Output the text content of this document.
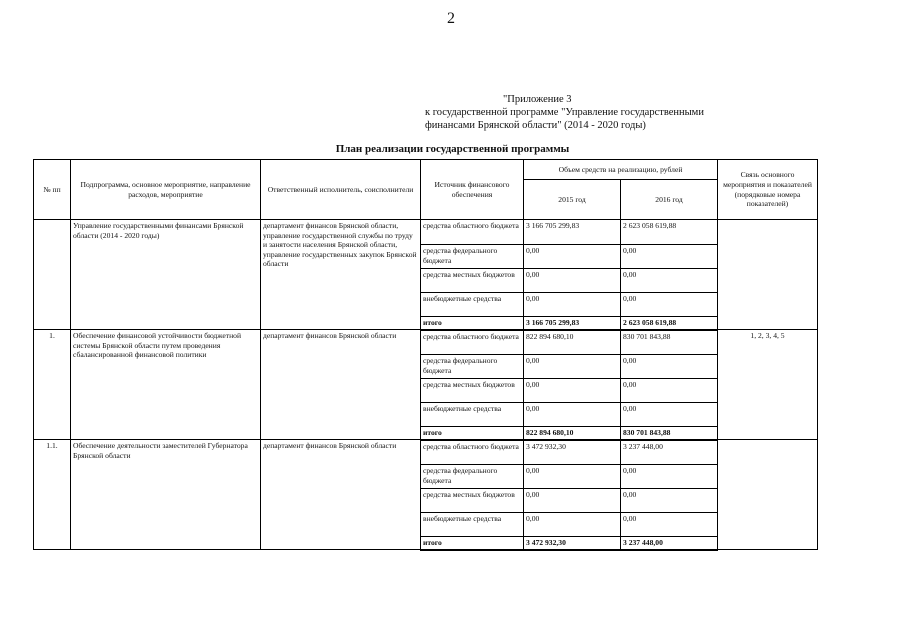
2
"Приложение 3
к государственной программе "Управление государственными
финансами Брянской области" (2014 - 2020 годы)
План реализации государственной программы
№ пп	Подпрограмма, основное мероприятие, направление расходов, мероприятие	Ответственный исполнитель, соисполнители	Источник финансового обеспечения	Объем средств на реализацию, рублей		Связь основного мероприятия и показателей (порядковые номера показателей)
				2015 год	2016 год	
	Управление государственными финансами Брянской области (2014 - 2020 годы)	департамент финансов Брянской области, управление государственной службы по труду и занятости населения Брянской области, управление государственных закупок Брянской области	средства областного бюджета	3 166 705 299,83	2 623 058 619,88	
			средства федерального бюджета	0,00	0,00	
			средства местных бюджетов	0,00	0,00	
			внебюджетные средства	0,00	0,00	
			итого	3 166 705 299,83	2 623 058 619,88	
1.	Обеспечение финансовой устойчивости бюджетной системы Брянской области путем проведения сбалансированной финансовой политики	департамент финансов Брянской области	средства областного бюджета	822 894 680,10	830 701 843,88	1, 2, 3, 4, 5
			средства федерального бюджета	0,00	0,00	
			средства местных бюджетов	0,00	0,00	
			внебюджетные средства	0,00	0,00	
			итого	822 894 680,10	830 701 843,88	
1.1.	Обеспечение деятельности заместителей Губернатора Брянской области	департамент финансов Брянской области	средства областного бюджета	3 472 932,30	3 237 448,00	
			средства федерального бюджета	0,00	0,00	
			средства местных бюджетов	0,00	0,00	
			внебюджетные средства	0,00	0,00	
			итого	3 472 932,30	3 237 448,00	
